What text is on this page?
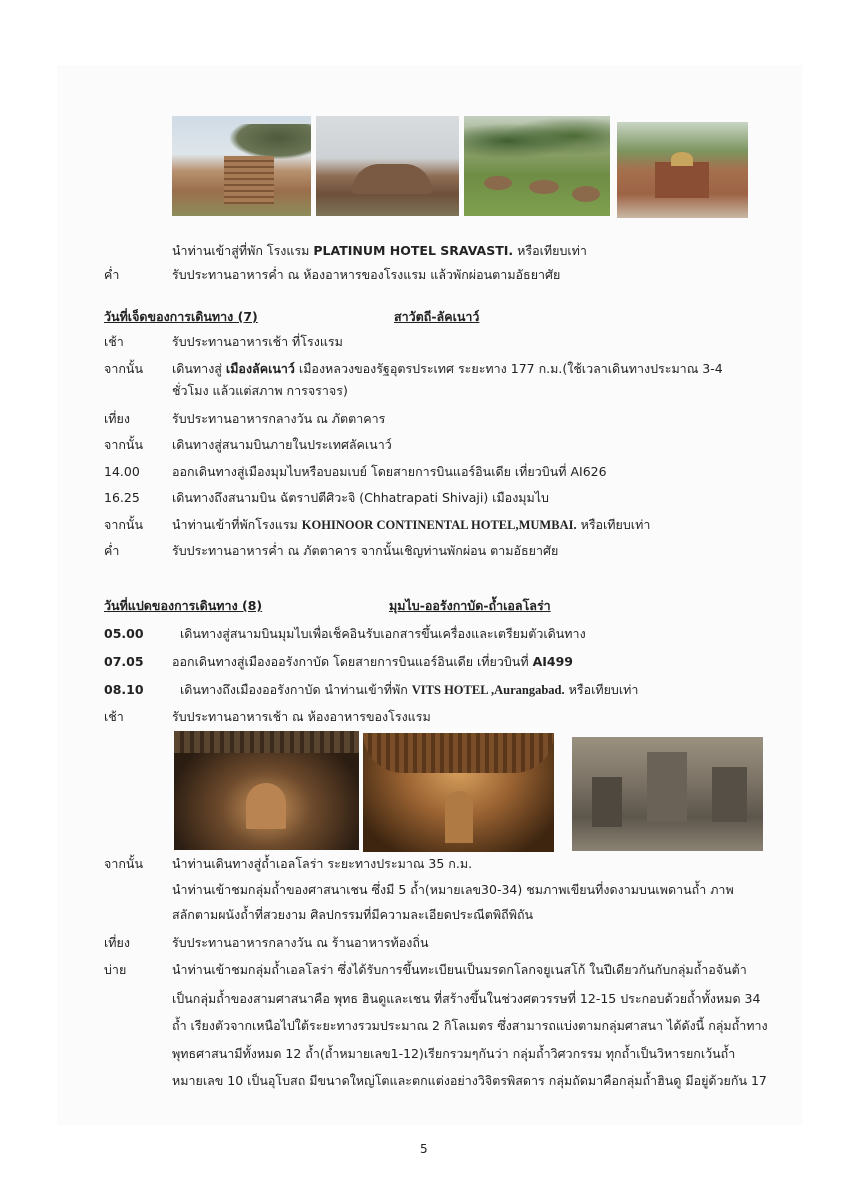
นำท่านเข้าสู่ที่พัก โรงแรม PLATINUM HOTEL SRAVASTI. หรือเทียบเท่า
ค่ำ	รับประทานอาหารค่ำ ณ ห้องอาหารของโรงแรม แล้วพักผ่อนตามอัธยาศัย
วันที่เจ็ดของการเดินทาง (7)	สาวัตถี-ลัคเนาว์
เช้า	รับประทานอาหารเช้า ที่โรงแรม
จากนั้น เดินทางสู่ เมืองลัคเนาว์ เมืองหลวงของรัฐอุตรประเทศ ระยะทาง 177 ก.ม.(ใช้เวลาเดินทางประมาณ 3-4
ชั่วโมง แล้วแต่สภาพ การจราจร)
เที่ยง	รับประทานอาหารกลางวัน ณ ภัตตาคาร
จากนั้น เดินทางสู่สนามบินภายในประเทศลัคเนาว์
14.00	ออกเดินทางสู่เมืองมุมไบหรือบอมเบย์ โดยสายการบินแอร์อินเดีย เที่ยวบินที่ AI626
16.25	เดินทางถึงสนามบิน ฉัตราปตีศิวะจิ (Chhatrapati Shivaji) เมืองมุมไบ
จากนั้น นำท่านเข้าที่พักโรงแรม KOHINOOR CONTINENTAL HOTEL,MUMBAI. หรือเทียบเท่า
ค่ำ	รับประทานอาหารค่ำ ณ ภัตตาคาร จากนั้นเชิญท่านพักผ่อน ตามอัธยาศัย
วันที่แปดของการเดินทาง (8)	มุมไบ-ออรังกาบัด-ถ้ำเอลโลร่า
05.00	เดินทางสู่สนามบินมุมไบเพื่อเช็คอินรับเอกสารขึ้นเครื่องและเตรียมตัวเดินทาง
07.05 ออกเดินทางสู่เมืองออรังกาบัด โดยสายการบินแอร์อินเดีย เที่ยวบินที่ AI499
08.10	เดินทางถึงเมืองออรังกาบัด นำท่านเข้าที่พัก VITS HOTEL ,Aurangabad. หรือเทียบเท่า
เช้า	รับประทานอาหารเช้า ณ ห้องอาหารของโรงแรม
จากนั้น นำท่านเดินทางสู่ถ้ำเอลโลร่า ระยะทางประมาณ 35 ก.ม.
นำท่านเข้าชมกลุ่มถ้ำของศาสนาเชน ซึ่งมี 5 ถ้ำ(หมายเลข30-34) ชมภาพเขียนที่งดงามบนเพดานถ้ำ ภาพ
สลักตามผนังถ้ำที่สวยงาม ศิลปกรรมที่มีความละเอียดประณีตพิถีพิถัน
เที่ยง	รับประทานอาหารกลางวัน ณ ร้านอาหารท้องถิ่น
บ่าย	นำท่านเข้าชมกลุ่มถ้ำเอลโลร่า ซึ่งได้รับการขึ้นทะเบียนเป็นมรดกโลกจยูเนสโก้ ในปีเดียวกันกับกลุ่มถ้ำอจันต้า
เป็นกลุ่มถ้ำของสามศาสนาคือ พุทธ ฮินดูและเชน ที่สร้างขึ้นในช่วงศตวรรษที่ 12-15 ประกอบด้วยถ้ำทั้งหมด 34
ถ้ำ เรียงตัวจากเหนือไปใต้ระยะทางรวมประมาณ 2 กิโลเมตร ซึ่งสามารถแบ่งตามกลุ่มศาสนา ได้ดังนี้ กลุ่มถ้ำทาง
พุทธศาสนามีทั้งหมด 12 ถ้ำ(ถ้ำหมายเลข1-12)เรียกรวมๆกันว่า กลุ่มถ้ำวิศวกรรม ทุกถ้ำเป็นวิหารยกเว้นถ้ำ
หมายเลข 10 เป็นอุโบสถ มีขนาดใหญ่โตและตกแต่งอย่างวิจิตรพิสดาร กลุ่มถัดมาคือกลุ่มถ้ำฮินดู มีอยู่ด้วยกัน 17
5
